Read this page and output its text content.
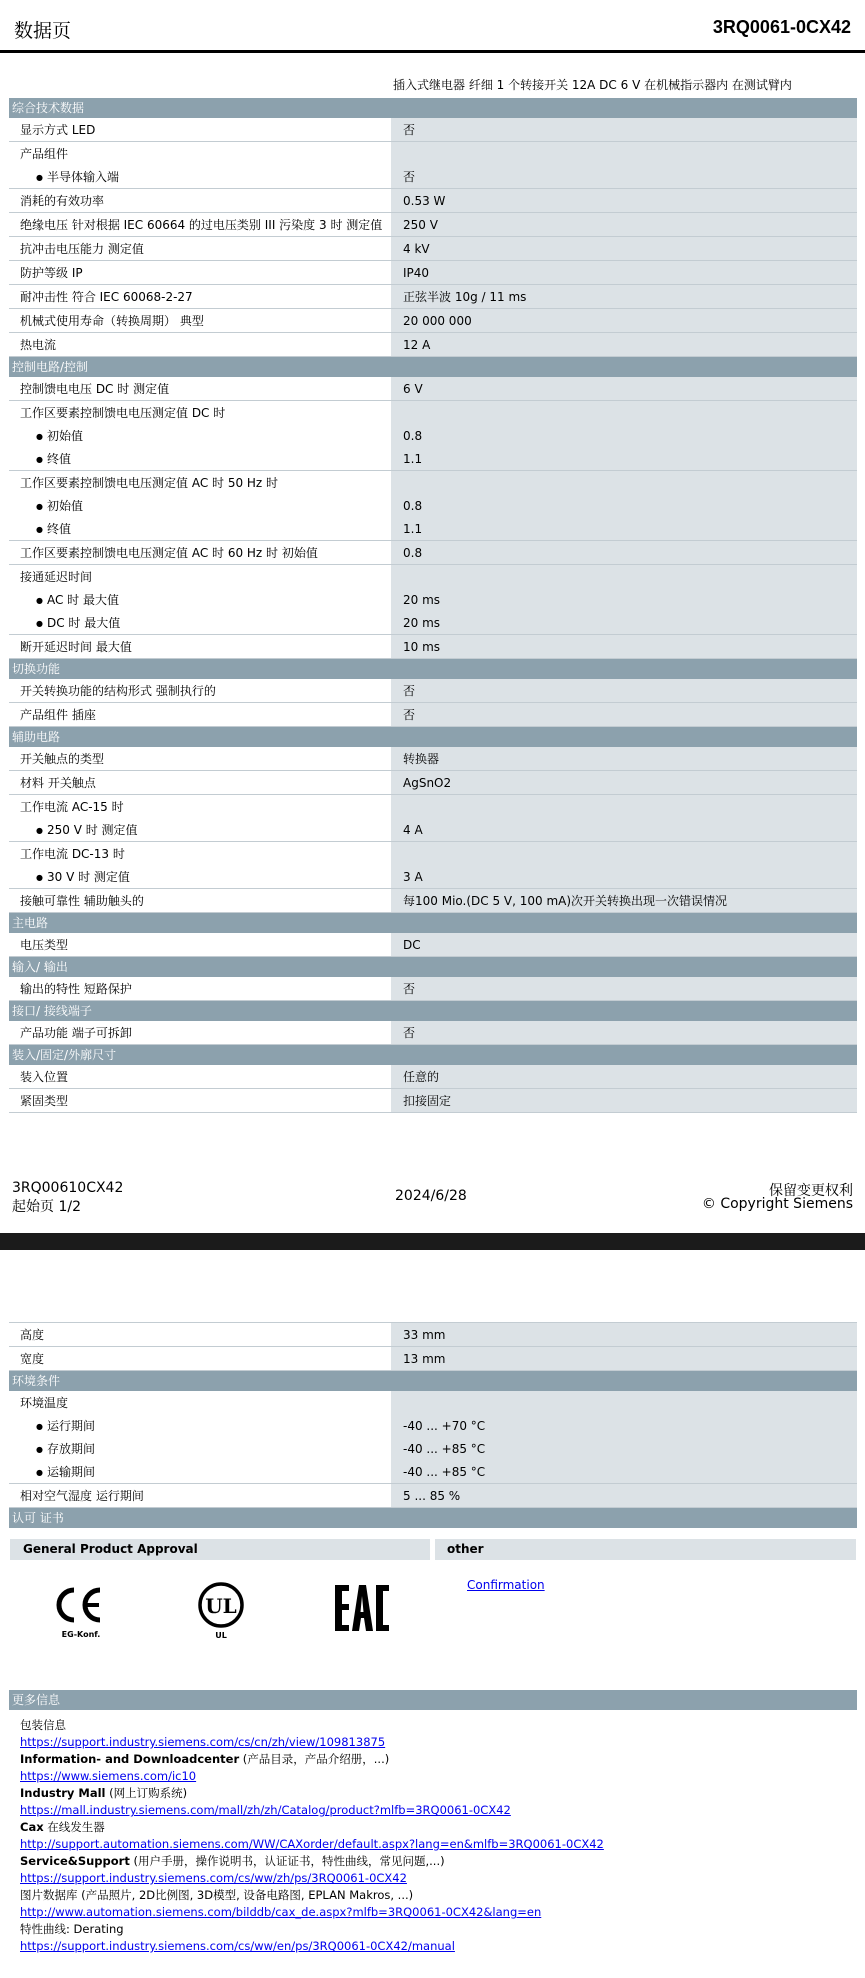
数据页	3RQ0061-0CX42
插入式继电器 纤细 1 个转接开关 12A DC 6 V 在机械指示器内 在测试臂内
综合技术数据
显示方式 LED	否
产品组件
● 半导体输入端	否
消耗的有效功率	0.53 W
绝缘电压 针对根据 IEC 60664 的过电压类别 III 污染度 3 时 测定值	250 V
抗冲击电压能力 测定值	4 kV
防护等级 IP	IP40
耐冲击性 符合 IEC 60068-2-27	正弦半波 10g / 11 ms
机械式使用寿命（转换周期） 典型	20 000 000
热电流	12 A
控制电路/控制
控制馈电电压 DC 时 测定值	6 V
工作区要素控制馈电电压测定值 DC 时
● 初始值	0.8
● 终值	1.1
工作区要素控制馈电电压测定值 AC 时 50 Hz 时
● 初始值	0.8
● 终值	1.1
工作区要素控制馈电电压测定值 AC 时 60 Hz 时 初始值	0.8
接通延迟时间
● AC 时 最大值	20 ms
● DC 时 最大值	20 ms
断开延迟时间 最大值	10 ms
切换功能
开关转换功能的结构形式 强制执行的	否
产品组件 插座	否
辅助电路
开关触点的类型	转换器
材料 开关触点	AgSnO2
工作电流 AC-15 时
● 250 V 时 测定值	4 A
工作电流 DC-13 时
● 30 V 时 测定值	3 A
接触可靠性 辅助触头的	每100 Mio.(DC 5 V, 100 mA)次开关转换出现一次错误情况
主电路
电压类型	DC
输入/ 输出
输出的特性 短路保护	否
接口/ 接线端子
产品功能 端子可拆卸	否
装入/固定/外廓尺寸
装入位置	任意的
紧固类型	扣接固定
3RQ00610CX42
起始页 1/2
2024/6/28	保留变更权利
© Copyright Siemens
高度	33 mm
宽度	13 mm
环境条件
环境温度
● 运行期间	-40 ... +70 °C
● 存放期间	-40 ... +85 °C
● 运输期间	-40 ... +85 °C
相对空气湿度 运行期间	5 ... 85 %
认可 证书
General Product Approval	other
EG-Konf.
UL
UL
Confirmation
更多信息
包装信息
https://support.industry.siemens.com/cs/cn/zh/view/109813875
Information- and Downloadcenter (产品目录，产品介绍册，...)
https://www.siemens.com/ic10
Industry Mall (网上订购系统)
https://mall.industry.siemens.com/mall/zh/zh/Catalog/product?mlfb=3RQ0061-0CX42
Cax 在线发生器
http://support.automation.siemens.com/WW/CAXorder/default.aspx?lang=en&mlfb=3RQ0061-0CX42
Service&Support (用户手册，操作说明书，认证证书，特性曲线，常见问题,...)
https://support.industry.siemens.com/cs/ww/zh/ps/3RQ0061-0CX42
图片数据库 (产品照片, 2D比例图, 3D模型, 设备电路图, EPLAN Makros, ...)
http://www.automation.siemens.com/bilddb/cax_de.aspx?mlfb=3RQ0061-0CX42&lang=en
特性曲线: Derating
https://support.industry.siemens.com/cs/ww/en/ps/3RQ0061-0CX42/manual
